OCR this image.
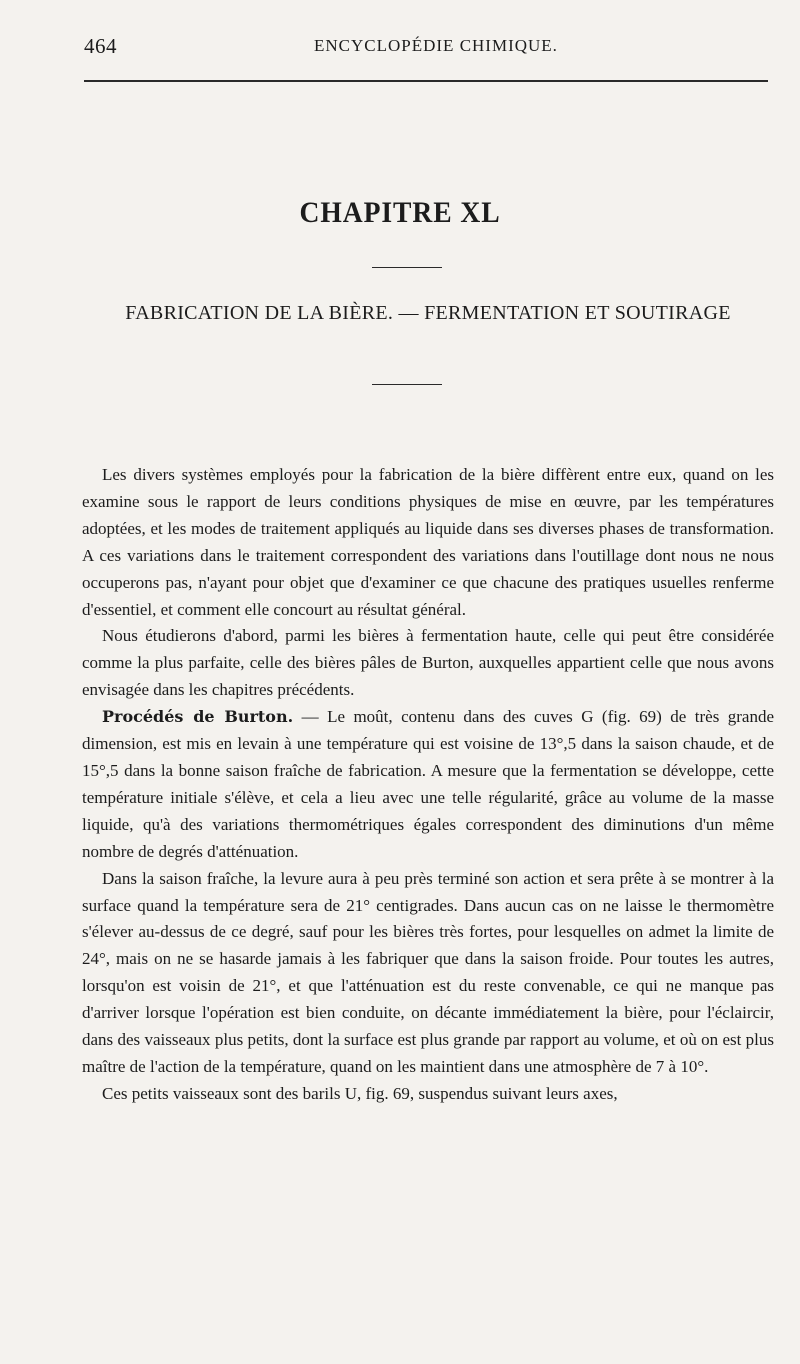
464	ENCYCLOPÉDIE CHIMIQUE.
CHAPITRE XL
FABRICATION DE LA BIÈRE. — FERMENTATION ET SOUTIRAGE

Les divers systèmes employés pour la fabrication de la bière diffèrent entre eux, quand on les examine sous le rapport de leurs conditions physiques de mise en œuvre, par les températures adoptées, et les modes de traitement appliqués au liquide dans ses diverses phases de transformation. A ces variations dans le traitement correspondent des variations dans l'outillage dont nous ne nous occuperons pas, n'ayant pour objet que d'examiner ce que chacune des pratiques usuelles renferme d'essentiel, et comment elle concourt au résultat général.

Nous étudierons d'abord, parmi les bières à fermentation haute, celle qui peut être considérée comme la plus parfaite, celle des bières pâles de Burton, auxquelles appartient celle que nous avons envisagée dans les chapitres précédents.

Procédés de Burton. — Le moût, contenu dans des cuves G (fig. 69) de très grande dimension, est mis en levain à une température qui est voisine de 13°,5 dans la saison chaude, et de 15°,5 dans la bonne saison fraîche de fabrication. A mesure que la fermentation se développe, cette température initiale s'élève, et cela a lieu avec une telle régularité, grâce au volume de la masse liquide, qu'à des variations thermométriques égales correspondent des diminutions d'un même nombre de degrés d'atténuation.

Dans la saison fraîche, la levure aura à peu près terminé son action et sera prête à se montrer à la surface quand la température sera de 21° centigrades. Dans aucun cas on ne laisse le thermomètre s'élever au-dessus de ce degré, sauf pour les bières très fortes, pour lesquelles on admet la limite de 24°, mais on ne se hasarde jamais à les fabriquer que dans la saison froide. Pour toutes les autres, lorsqu'on est voisin de 21°, et que l'atténuation est du reste convenable, ce qui ne manque pas d'arriver lorsque l'opération est bien conduite, on décante immédiatement la bière, pour l'éclaircir, dans des vaisseaux plus petits, dont la surface est plus grande par rapport au volume, et où on est plus maître de l'action de la température, quand on les maintient dans une atmosphère de 7 à 10°.

Ces petits vaisseaux sont des barils U, fig. 69, suspendus suivant leurs axes,
